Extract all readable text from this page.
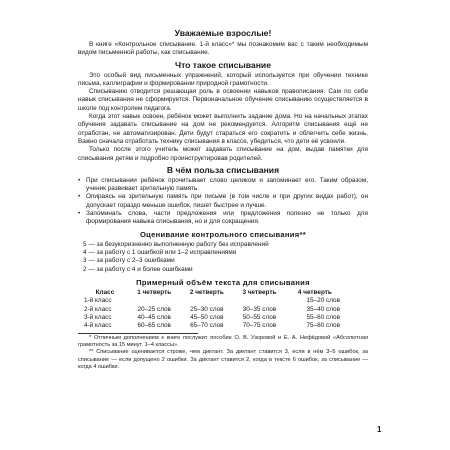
Уважаемые взрослые!

В книге «Контрольное списывание. 1-й класс»* мы познакомим вас с таким необходимым видом письменной работы, как списывание.

Что такое списывание

Это особый вид письменных упражнений, который используется при обучении технике письма, каллиграфии и формировании природной грамотности.

Списыванию отводится решающая роль в освоении навыков правописания. Сам по себе навык списывания не сформируется. Первоначальное обучение списыванию осуществляется в школе под контролем педагога.

Когда этот навык освоен, ребёнок может выполнить задание дома. Но на начальных этапах обучения задавать списывание на дом не рекомендуется. Алгоритм списывания ещё не отработан, не автоматизирован. Дети будут стараться его сократить и облегчить себе жизнь. Важно сначала отработать технику списывания в классе, убедиться, что дети её усвоили.

Только после этого учитель может задавать списывание на дом, выдав памятки для списывания детям и подробно проинструктировав родителей.

В чём польза списывания

• При списывании ребёнок прочитывает слово целиком и запоминает его. Таким образом, ученик развивает зрительную память.

• Опираясь на зрительную память при письме (в том числе и при других видах работ), он допускает гораздо меньше ошибок, пишет быстрее и лучше.

• Запоминать слова, части предложения или предложения полезно не только для формирования навыка списывания, но и для сокращения.

Оценивание контрольного списывания**
5 — за безукоризненно выполненную работу без исправлений
4 — за работу с 1 ошибкой или 1–2 исправлениями
3 — за работу с 2–3 ошибками
2 — за работу с 4 и более ошибками
Примерный объём текста для списывания
Класс	1 четверть	2 четверть	3 четверть	4 четверть
1-й класс				15–20 слов
2-й класс	20–25 слов	25–30 слов	30–35 слов	35–40 слов
3-й класс	40–45 слов	45–50 слов	50–55 слов	55–60 слов
4-й класс	60–65 слов	65–70 слов	70–75 слов	75–80 слов

* Отличным дополнением к книге послужит пособие О. В. Узоровой и Е. А. Нефёдовой «Абсолютная грамотность за 15 минут. 1–4 классы».

** Списывание оценивается строже, чем диктант. За диктант ставится 3, если в нём 3–5 ошибок, за списывание — если допущено 2 ошибки. За диктант ставится 2, когда в тексте 6 ошибок, за списывание — когда 4 ошибки.

1
